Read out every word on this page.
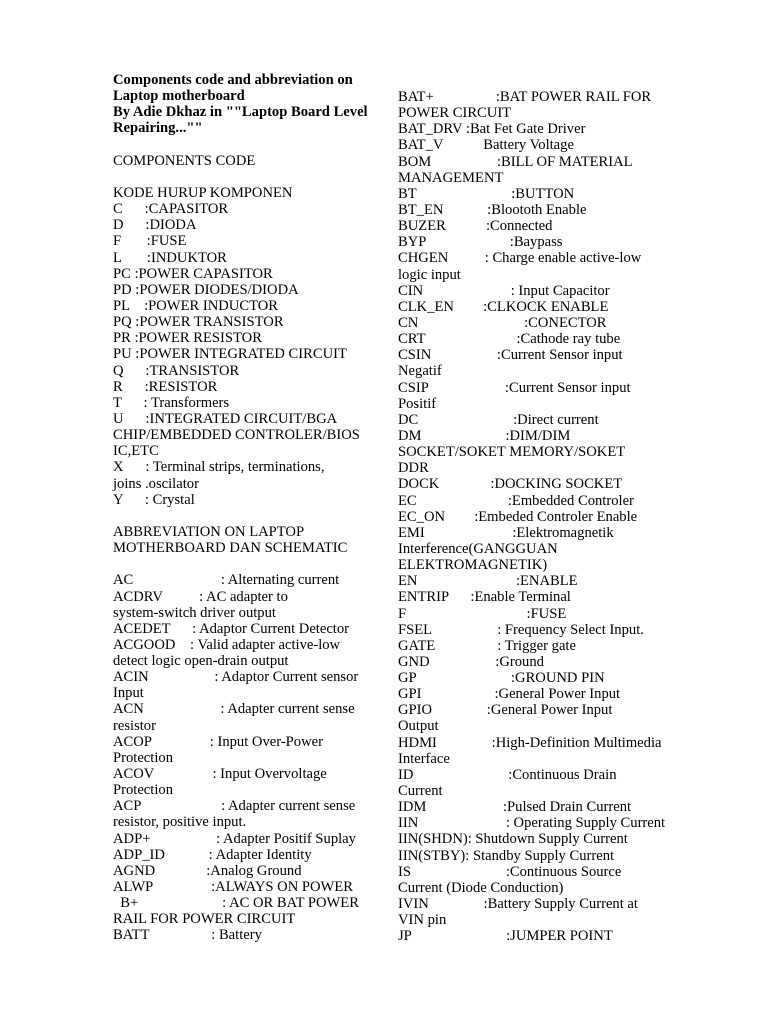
Components code and abbreviation on
Laptop motherboard
By Adie Dkhaz in ""Laptop Board Level
Repairing...""
COMPONENTS CODE
KODE HURUP KOMPONEN
C      :CAPASITOR
D      :DIODA
F       :FUSE
L       :INDUKTOR
PC :POWER CAPASITOR
PD :POWER DIODES/DIODA
PL    :POWER INDUCTOR
PQ :POWER TRANSISTOR
PR :POWER RESISTOR
PU :POWER INTEGRATED CIRCUIT
Q      :TRANSISTOR
R      :RESISTOR
T      : Transformers
U      :INTEGRATED CIRCUIT/BGA
CHIP/EMBEDDED CONTROLER/BIOS
IC,ETC
X      : Terminal strips, terminations,
joins .oscilator
Y      : Crystal
ABBREVIATION ON LAPTOP
MOTHERBOARD DAN SCHEMATIC
AC                        : Alternating current
ACDRV          : AC adapter to
system-switch driver output
ACEDET      : Adaptor Current Detector
ACGOOD    : Valid adapter active-low
detect logic open-drain output
ACIN                  : Adaptor Current sensor
Input
ACN                     : Adapter current sense
resistor
ACOP                : Input Over-Power
Protection
ACOV                : Input Overvoltage
Protection
ACP                      : Adapter current sense
resistor, positive input.
ADP+                  : Adapter Positif Suplay
ADP_ID            : Adapter Identity
AGND              :Analog Ground
ALWP                :ALWAYS ON POWER
B+                       : AC OR BAT POWER
RAIL FOR POWER CIRCUIT
BATT                 : Battery
BAT+                 :BAT POWER RAIL FOR
POWER CIRCUIT
BAT_DRV :Bat Fet Gate Driver
BAT_V           Battery Voltage
BOM                  :BILL OF MATERIAL
MANAGEMENT
BT                          :BUTTON
BT_EN            :Bloototh Enable
BUZER           :Connected
BYP                       :Baypass
CHGEN          : Charge enable active-low
logic input
CIN                        : Input Capacitor
CLK_EN        :CLKOCK ENABLE
CN                             :CONECTOR
CRT                         :Cathode ray tube
CSIN                  :Current Sensor input
Negatif
CSIP                     :Current Sensor input
Positif
DC                          :Direct current
DM                       :DIM/DIM
SOCKET/SOKET MEMORY/SOKET
DDR
DOCK              :DOCKING SOCKET
EC                         :Embedded Controler
EC_ON        :Embeded Controler Enable
EMI                        :Elektromagnetik
Interference(GANGGUAN
ELEKTROMAGNETIK)
EN                           :ENABLE
ENTRIP      :Enable Terminal
F                                 :FUSE
FSEL                  : Frequency Select Input.
GATE                 : Trigger gate
GND                  :Ground
GP                          :GROUND PIN
GPI                    :General Power Input
GPIO               :General Power Input
Output
HDMI               :High-Definition Multimedia
Interface
ID                          :Continuous Drain
Current
IDM                     :Pulsed Drain Current
IIN                        : Operating Supply Current
IIN(SHDN): Shutdown Supply Current
IIN(STBY): Standby Supply Current
IS                          :Continuous Source
Current (Diode Conduction)
IVIN               :Battery Supply Current at
VIN pin
JP                          :JUMPER POINT
